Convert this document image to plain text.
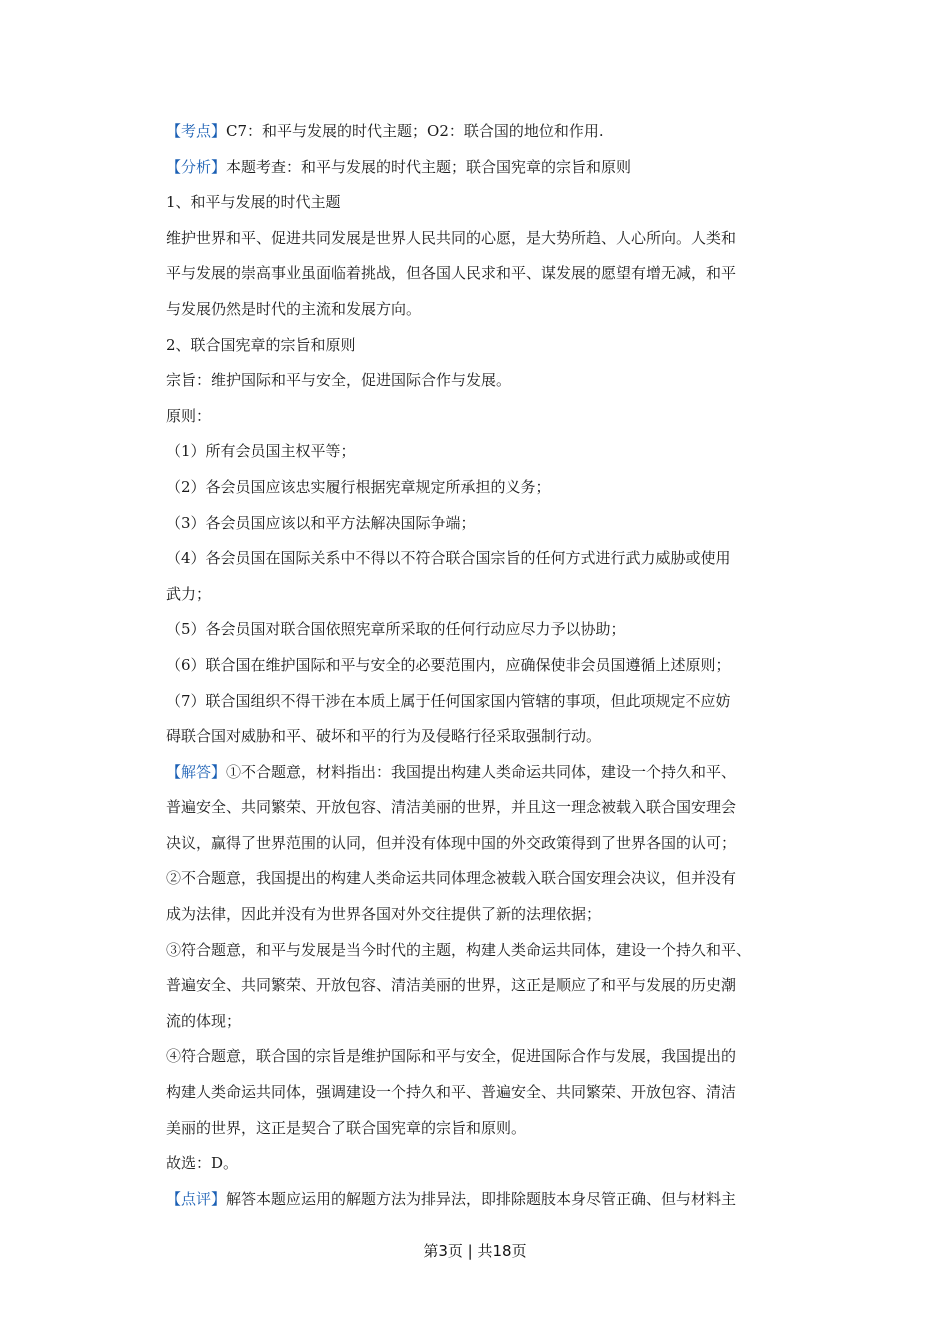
【考点】C7：和平与发展的时代主题；O2：联合国的地位和作用.
【分析】本题考查：和平与发展的时代主题；联合国宪章的宗旨和原则
1、和平与发展的时代主题
维护世界和平、促进共同发展是世界人民共同的心愿，是大势所趋、人心所向。人类和
平与发展的崇高事业虽面临着挑战，但各国人民求和平、谋发展的愿望有增无减，和平
与发展仍然是时代的主流和发展方向。
2、联合国宪章的宗旨和原则
宗旨：维护国际和平与安全，促进国际合作与发展。
原则：
（1）所有会员国主权平等；
（2）各会员国应该忠实履行根据宪章规定所承担的义务；
（3）各会员国应该以和平方法解决国际争端；
（4）各会员国在国际关系中不得以不符合联合国宗旨的任何方式进行武力威胁或使用
武力；
（5）各会员国对联合国依照宪章所采取的任何行动应尽力予以协助；
（6）联合国在维护国际和平与安全的必要范围内，应确保使非会员国遵循上述原则；
（7）联合国组织不得干涉在本质上属于任何国家国内管辖的事项，但此项规定不应妨
碍联合国对威胁和平、破坏和平的行为及侵略行径采取强制行动。
【解答】①不合题意，材料指出：我国提出构建人类命运共同体，建设一个持久和平、
普遍安全、共同繁荣、开放包容、清洁美丽的世界，并且这一理念被载入联合国安理会
决议，赢得了世界范围的认同，但并没有体现中国的外交政策得到了世界各国的认可；
②不合题意，我国提出的构建人类命运共同体理念被载入联合国安理会决议，但并没有
成为法律，因此并没有为世界各国对外交往提供了新的法理依据；
③符合题意，和平与发展是当今时代的主题，构建人类命运共同体，建设一个持久和平、
普遍安全、共同繁荣、开放包容、清洁美丽的世界，这正是顺应了和平与发展的历史潮
流的体现；
④符合题意，联合国的宗旨是维护国际和平与安全，促进国际合作与发展，我国提出的
构建人类命运共同体，强调建设一个持久和平、普遍安全、共同繁荣、开放包容、清洁
美丽的世界，这正是契合了联合国宪章的宗旨和原则。
故选：D。
【点评】解答本题应运用的解题方法为排异法，即排除题肢本身尽管正确、但与材料主
第3页 | 共18页
